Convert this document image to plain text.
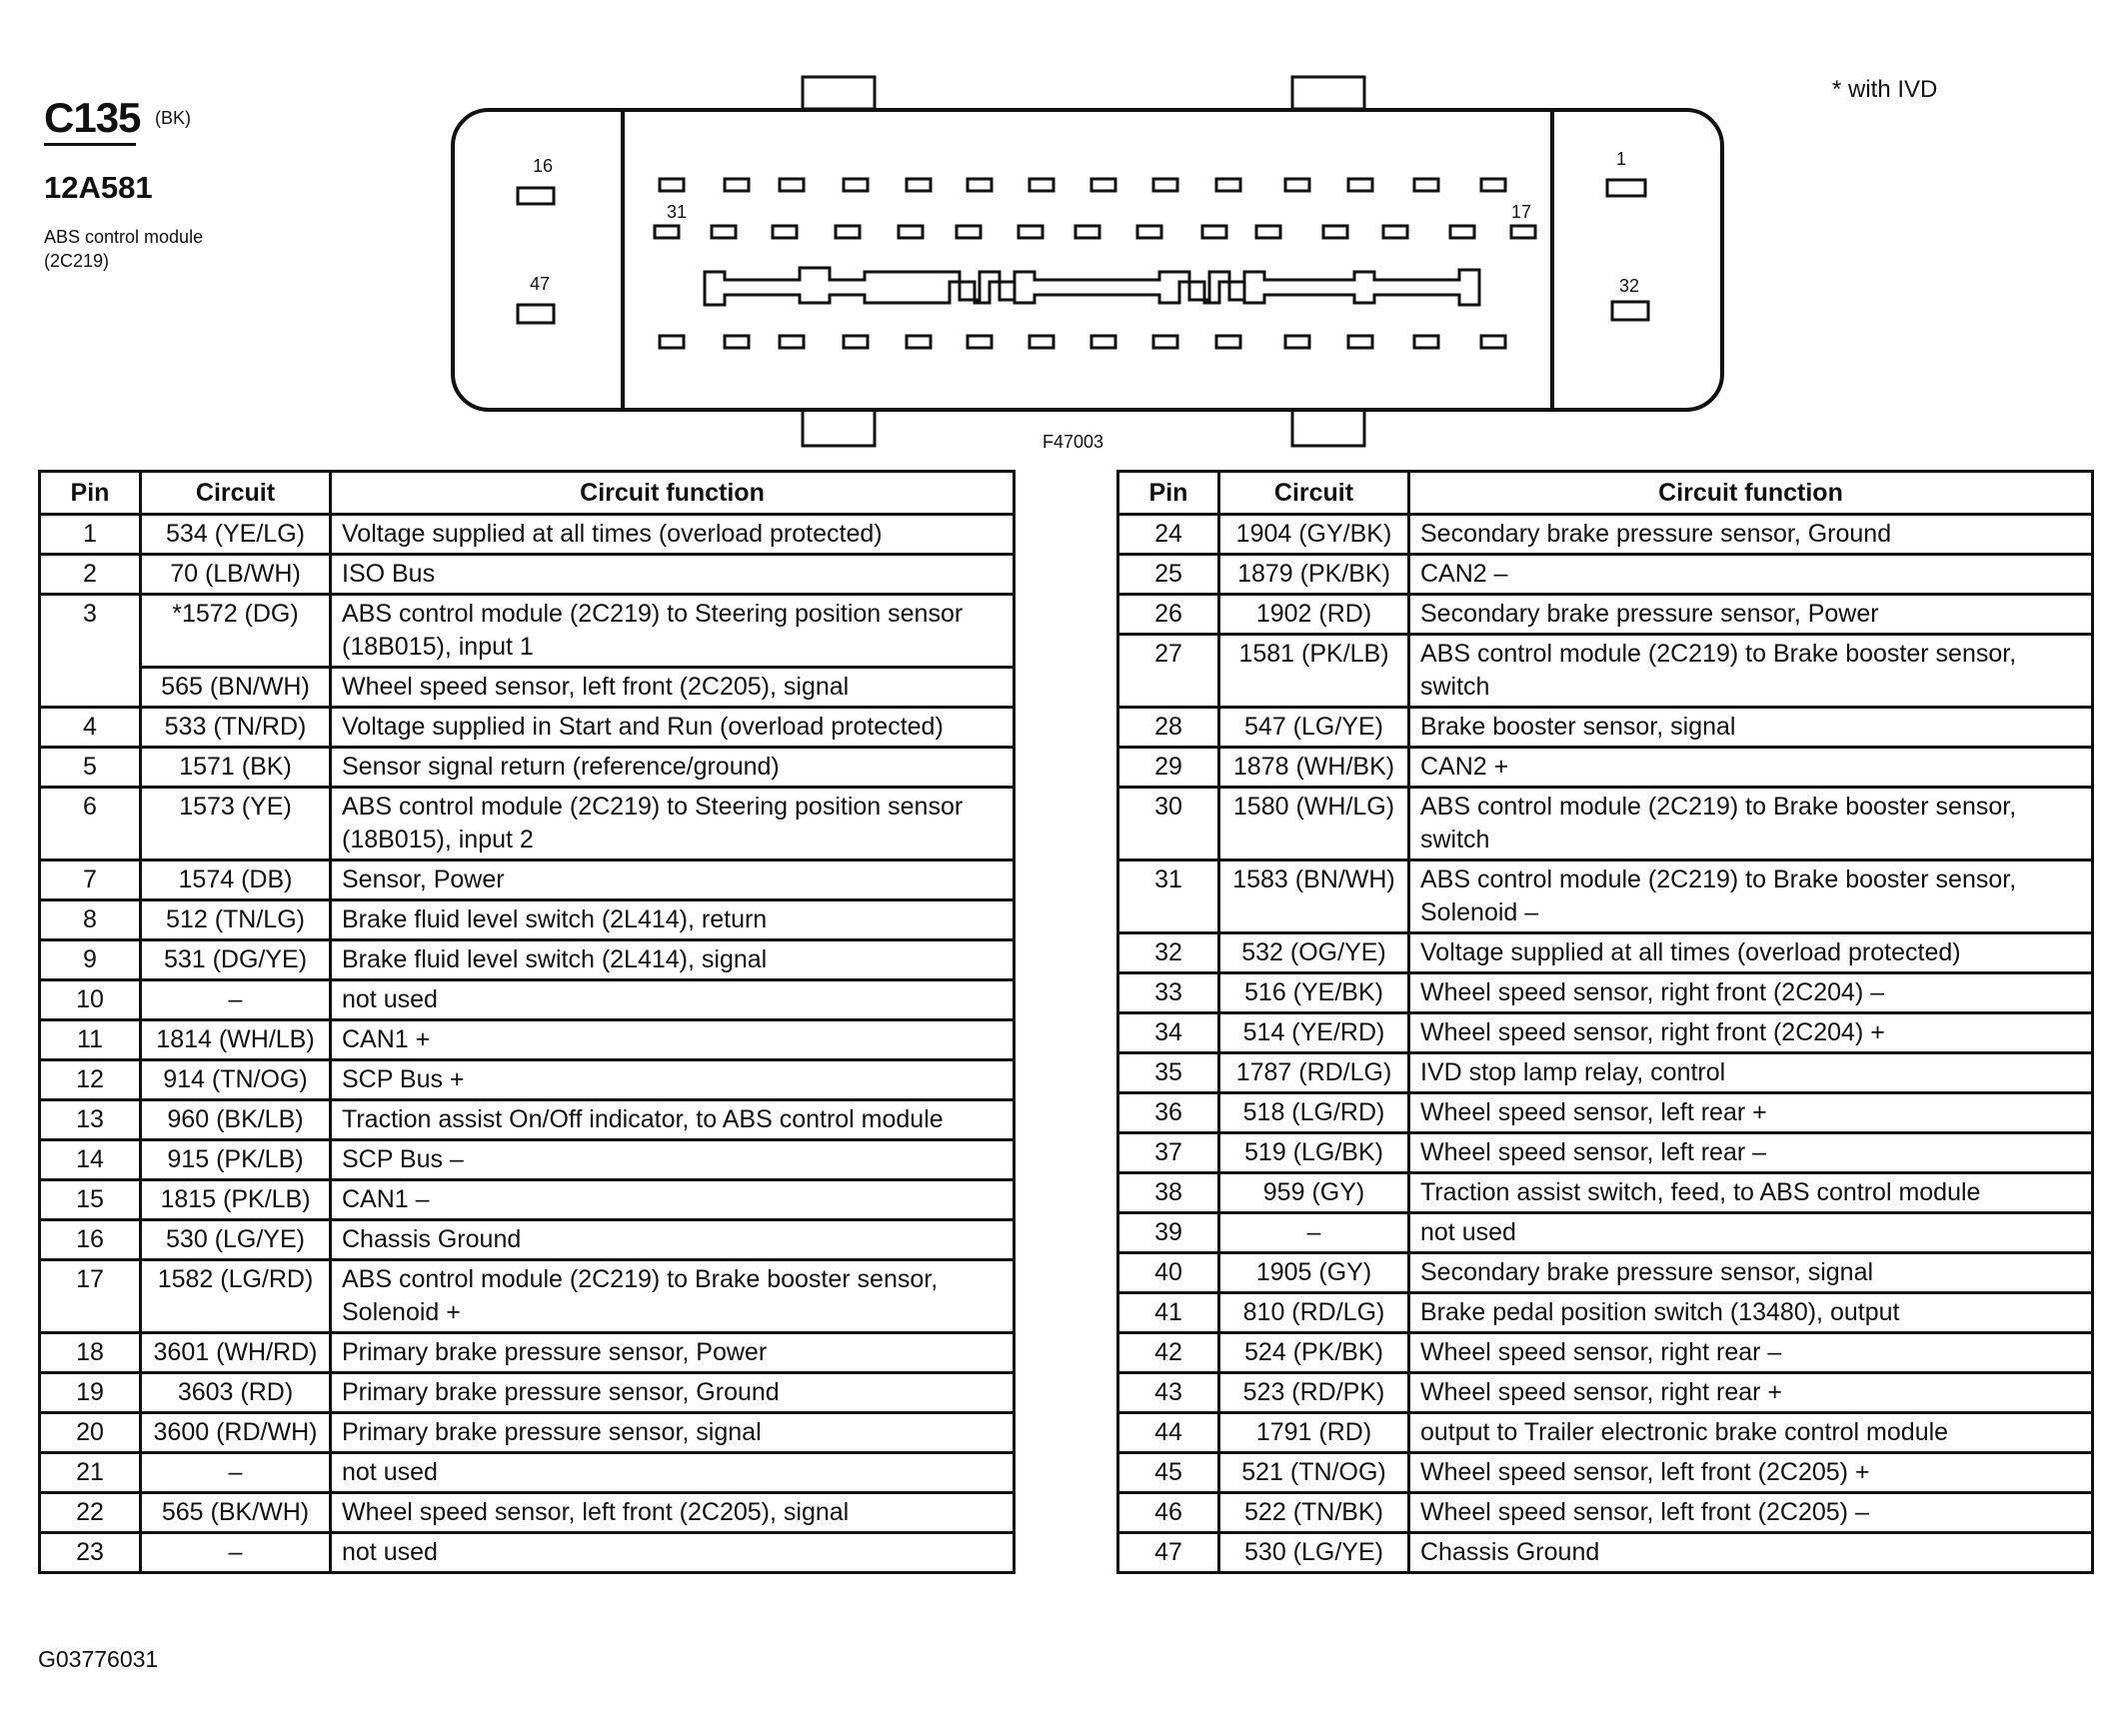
C135 (BK)
12A581
ABS control module
(2C219)
* with IVD
16
47
31	17
1
32
F47003
Pin	Circuit	Circuit function
1	534 (YE/LG)	Voltage supplied at all times (overload protected)
2	70 (LB/WH)	ISO Bus
3	*1572 (DG)	ABS control module (2C219) to Steering position sensor (18B015), input 1
	565 (BN/WH)	Wheel speed sensor, left front (2C205), signal
4	533 (TN/RD)	Voltage supplied in Start and Run (overload protected)
5	1571 (BK)	Sensor signal return (reference/ground)
6	1573 (YE)	ABS control module (2C219) to Steering position sensor (18B015), input 2
7	1574 (DB)	Sensor, Power
8	512 (TN/LG)	Brake fluid level switch (2L414), return
9	531 (DG/YE)	Brake fluid level switch (2L414), signal
10	–	not used
11	1814 (WH/LB)	CAN1 +
12	914 (TN/OG)	SCP Bus +
13	960 (BK/LB)	Traction assist On/Off indicator, to ABS control module
14	915 (PK/LB)	SCP Bus –
15	1815 (PK/LB)	CAN1 –
16	530 (LG/YE)	Chassis Ground
17	1582 (LG/RD)	ABS control module (2C219) to Brake booster sensor, Solenoid +
18	3601 (WH/RD)	Primary brake pressure sensor, Power
19	3603 (RD)	Primary brake pressure sensor, Ground
20	3600 (RD/WH)	Primary brake pressure sensor, signal
21	–	not used
22	565 (BK/WH)	Wheel speed sensor, left front (2C205), signal
23	–	not used
Pin	Circuit	Circuit function
24	1904 (GY/BK)	Secondary brake pressure sensor, Ground
25	1879 (PK/BK)	CAN2 –
26	1902 (RD)	Secondary brake pressure sensor, Power
27	1581 (PK/LB)	ABS control module (2C219) to Brake booster sensor, switch
28	547 (LG/YE)	Brake booster sensor, signal
29	1878 (WH/BK)	CAN2 +
30	1580 (WH/LG)	ABS control module (2C219) to Brake booster sensor, switch
31	1583 (BN/WH)	ABS control module (2C219) to Brake booster sensor, Solenoid –
32	532 (OG/YE)	Voltage supplied at all times (overload protected)
33	516 (YE/BK)	Wheel speed sensor, right front (2C204) –
34	514 (YE/RD)	Wheel speed sensor, right front (2C204) +
35	1787 (RD/LG)	IVD stop lamp relay, control
36	518 (LG/RD)	Wheel speed sensor, left rear +
37	519 (LG/BK)	Wheel speed sensor, left rear –
38	959 (GY)	Traction assist switch, feed, to ABS control module
39	–	not used
40	1905 (GY)	Secondary brake pressure sensor, signal
41	810 (RD/LG)	Brake pedal position switch (13480), output
42	524 (PK/BK)	Wheel speed sensor, right rear –
43	523 (RD/PK)	Wheel speed sensor, right rear +
44	1791 (RD)	output to Trailer electronic brake control module
45	521 (TN/OG)	Wheel speed sensor, left front (2C205) +
46	522 (TN/BK)	Wheel speed sensor, left front (2C205) –
47	530 (LG/YE)	Chassis Ground
G03776031
